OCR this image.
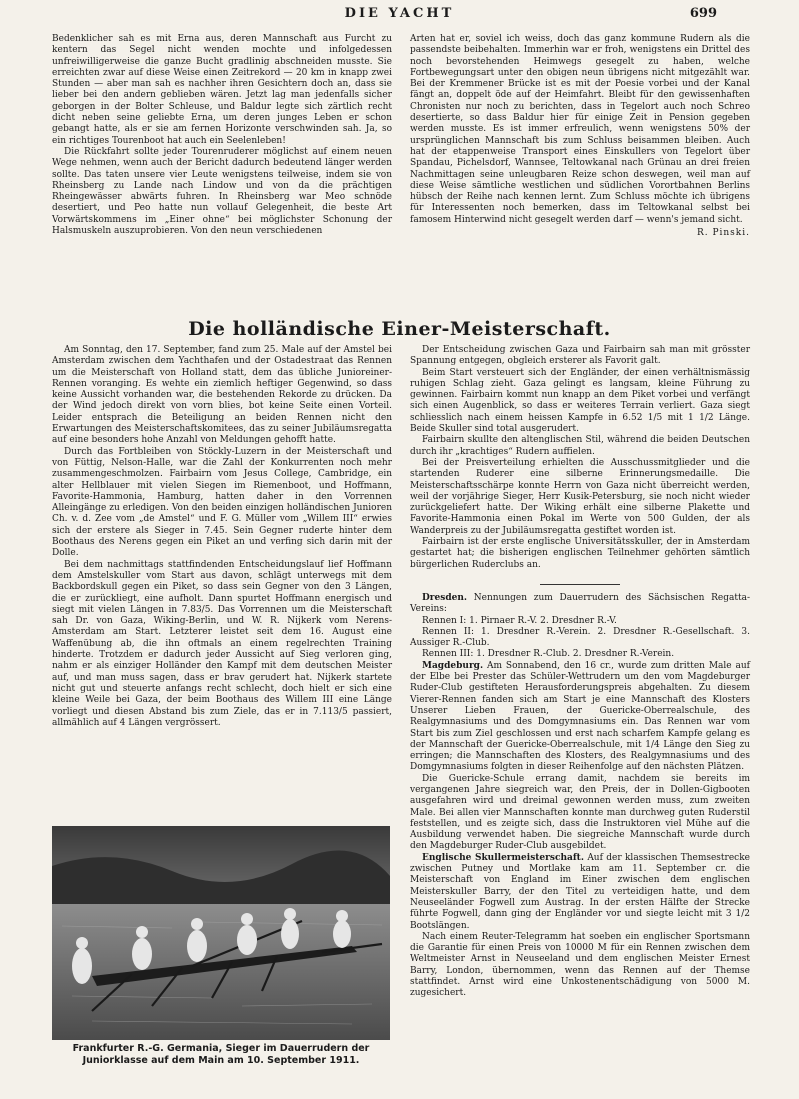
DIE YACHT	699

Bedenklicher sah es mit Erna aus, deren Mannschaft aus Furcht zu kentern das Segel nicht wenden mochte und infolgedessen unfreiwilligerweise die ganze Bucht gradlinig abschneiden musste. Sie erreichten zwar auf diese Weise einen Zeitrekord — 20 km in knapp zwei Stunden — aber man sah es nachher ihren Gesichtern doch an, dass sie lieber bei den andern geblieben wären. Jetzt lag man jedenfalls sicher geborgen in der Bolter Schleuse, und Baldur legte sich zärtlich recht dicht neben seine geliebte Erna, um deren junges Leben er schon gebangt hatte, als er sie am fernen Horizonte verschwinden sah. Ja, so ein richtiges Tourenboot hat auch ein Seelenleben!

Die Rückfahrt sollte jeder Tourenruderer möglichst auf einem neuen Wege nehmen, wenn auch der Bericht dadurch bedeutend länger werden sollte. Das taten unsere vier Leute wenigstens teilweise, indem sie von Rheinsberg zu Lande nach Lindow und von da die prächtigen Rheingewässer abwärts fuhren. In Rheinsberg war Meo schnöde desertiert, und Peo hatte nun vollauf Gelegenheit, die beste Art Vorwärtskommens im „Einer ohne“ bei möglichster Schonung der Halsmuskeln auszuprobieren. Von den neun verschiedenen

Arten hat er, soviel ich weiss, doch das ganz kommune Rudern als die passendste beibehalten. Immerhin war er froh, wenigstens ein Drittel des noch bevorstehenden Heimwegs gesegelt zu haben, welche Fortbewegungsart unter den obigen neun übrigens nicht mitgezählt war. Bei der Kremmener Brücke ist es mit der Poesie vorbei und der Kanal fängt an, doppelt öde auf der Heimfahrt. Bleibt für den gewissenhaften Chronisten nur noch zu berichten, dass in Tegelort auch noch Schreo desertierte, so dass Baldur hier für einige Zeit in Pension gegeben werden musste. Es ist immer erfreulich, wenn wenigstens 50% der ursprünglichen Mannschaft bis zum Schluss beisammen bleiben. Auch hat der etappenweise Transport eines Einskullers von Tegelort über Spandau, Pichelsdorf, Wannsee, Teltowkanal nach Grünau an drei freien Nachmittagen seine unleugbaren Reize schon deswegen, weil man auf diese Weise sämtliche westlichen und südlichen Vorortbahnen Berlins hübsch der Reihe nach kennen lernt. Zum Schluss möchte ich übrigens für Interessenten noch bemerken, dass im Teltowkanal selbst bei famosem Hinterwind nicht gesegelt werden darf — wenn's jemand sicht.

R. Pinski.

Die holländische Einer-Meisterschaft.

Am Sonntag, den 17. September, fand zum 25. Male auf der Amstel bei Amsterdam zwischen dem Yachthafen und der Ostadestraat das Rennen um die Meisterschaft von Holland statt, dem das übliche Junioreiner-Rennen voranging. Es wehte ein ziemlich heftiger Gegenwind, so dass keine Aussicht vorhanden war, die bestehenden Rekorde zu drücken. Da der Wind jedoch direkt von vorn blies, bot keine Seite einen Vorteil. Leider entsprach die Beteiligung an beiden Rennen nicht den Erwartungen des Meisterschaftskomitees, das zu seiner Jubiläumsregatta auf eine besonders hohe Anzahl von Meldungen gehofft hatte.

Durch das Fortbleiben von Stöckly-Luzern in der Meisterschaft und von Füttig, Nelson-Halle, war die Zahl der Konkurrenten noch mehr zusammengeschmolzen. Fairbairn vom Jesus College, Cambridge, ein alter Hellblauer mit vielen Siegen im Riemenboot, und Hoffmann, Favorite-Hammonia, Hamburg, hatten daher in den Vorrennen Alleingänge zu erledigen. Von den beiden einzigen holländischen Junioren Ch. v. d. Zee vom „de Amstel“ und F. G. Müller vom „Willem III“ erwies sich der erstere als Sieger in 7.45. Sein Gegner ruderte hinter dem Boothaus des Nerens gegen ein Piket an und verfing sich darin mit der Dolle.

Bei dem nachmittags stattfindenden Entscheidungslauf lief Hoffmann dem Amstelskuller vom Start aus davon, schlägt unterwegs mit dem Backbordskull gegen ein Piket, so dass sein Gegner von den 3 Längen, die er zurückliegt, eine aufholt. Dann spurtet Hoffmann energisch und siegt mit vielen Längen in 7.83/5. Das Vorrennen um die Meisterschaft sah Dr. von Gaza, Wiking-Berlin, und W. R. Nijkerk vom Nerens-Amsterdam am Start. Letzterer leistet seit dem 16. August eine Waffenübung ab, die ihn oftmals an einem regelrechten Training hinderte. Trotzdem er dadurch jeder Aussicht auf Sieg verloren ging, nahm er als einziger Holländer den Kampf mit dem deutschen Meister auf, und man muss sagen, dass er brav gerudert hat. Nijkerk startete nicht gut und steuerte anfangs recht schlecht, doch hielt er sich eine kleine Weile bei Gaza, der beim Boothaus des Willem III eine Länge vorliegt und diesen Abstand bis zum Ziele, das er in 7.113/5 passiert, allmählich auf 4 Längen vergrössert.

Frankfurter R.-G. Germania, Sieger im Dauerrudern der Juniorklasse auf dem Main am 10. September 1911.

Der Entscheidung zwischen Gaza und Fairbairn sah man mit grösster Spannung entgegen, obgleich ersterer als Favorit galt.

Beim Start versteuert sich der Engländer, der einen verhältnismässig ruhigen Schlag zieht. Gaza gelingt es langsam, kleine Führung zu gewinnen. Fairbairn kommt nun knapp an dem Piket vorbei und verfängt sich einen Augenblick, so dass er weiteres Terrain verliert. Gaza siegt schliesslich nach einem heissen Kampfe in 6.52 1/5 mit 1 1/2 Länge. Beide Skuller sind total ausgerudert.

Fairbairn skullte den altenglischen Stil, während die beiden Deutschen durch ihr „krachtiges“ Rudern auffielen.

Bei der Preisverteilung erhielten die Ausschussmitglieder und die startenden Ruderer eine silberne Erinnerungsmedaille. Die Meisterschaftsschärpe konnte Herrn von Gaza nicht überreicht werden, weil der vorjährige Sieger, Herr Kusik-Petersburg, sie noch nicht wieder zurückgeliefert hatte. Der Wiking erhält eine silberne Plakette und Favorite-Hammonia einen Pokal im Werte von 500 Gulden, der als Wanderpreis zu der Jubiläumsregatta gestiftet worden ist.

Fairbairn ist der erste englische Universitätsskuller, der in Amsterdam gestartet hat; die bisherigen englischen Teilnehmer gehörten sämtlich bürgerlichen Ruderclubs an.

Dresden. Nennungen zum Dauerrudern des Sächsischen Regatta-Vereins:

Rennen I: 1. Pirnaer R.-V. 2. Dresdner R.-V.

Rennen II: 1. Dresdner R.-Verein. 2. Dresdner R.-Gesellschaft. 3. Aussiger R.-Club.

Rennen III: 1. Dresdner R.-Club. 2. Dresdner R.-Verein.

Magdeburg. Am Sonnabend, den 16 cr., wurde zum dritten Male auf der Elbe bei Prester das Schüler-Wettrudern um den vom Magdeburger Ruder-Club gestifteten Herausforderungspreis abgehalten. Zu diesem Vierer-Rennen fanden sich am Start je eine Mannschaft des Klosters Unserer Lieben Frauen, der Guericke-Oberrealschule, des Realgymnasiums und des Domgymnasiums ein. Das Rennen war vom Start bis zum Ziel geschlossen und erst nach scharfem Kampfe gelang es der Mannschaft der Guericke-Oberrealschule, mit 1/4 Länge den Sieg zu erringen; die Mannschaften des Klosters, des Realgymnasiums und des Domgymnasiums folgten in dieser Reihenfolge auf den nächsten Plätzen.

Die Guericke-Schule errang damit, nachdem sie bereits im vergangenen Jahre siegreich war, den Preis, der in Dollen-Gigbooten ausgefahren wird und dreimal gewonnen werden muss, zum zweiten Male. Bei allen vier Mannschaften konnte man durchweg guten Ruderstil feststellen, und es zeigte sich, dass die Instruktoren viel Mühe auf die Ausbildung verwendet haben. Die siegreiche Mannschaft wurde durch den Magdeburger Ruder-Club ausgebildet.

Englische Skullermeisterschaft. Auf der klassischen Themsestrecke zwischen Putney und Mortlake kam am 11. September cr. die Meisterschaft von England im Einer zwischen dem englischen Meisterskuller Barry, der den Titel zu verteidigen hatte, und dem Neuseeländer Fogwell zum Austrag. In der ersten Hälfte der Strecke führte Fogwell, dann ging der Engländer vor und siegte leicht mit 3 1/2 Bootslängen.

Nach einem Reuter-Telegramm hat soeben ein englischer Sportsmann die Garantie für einen Preis von 10000 M für ein Rennen zwischen dem Weltmeister Arnst in Neuseeland und dem englischen Meister Ernest Barry, London, übernommen, wenn das Rennen auf der Themse stattfindet. Arnst wird eine Unkostenentschädigung von 5000 M. zugesichert.
